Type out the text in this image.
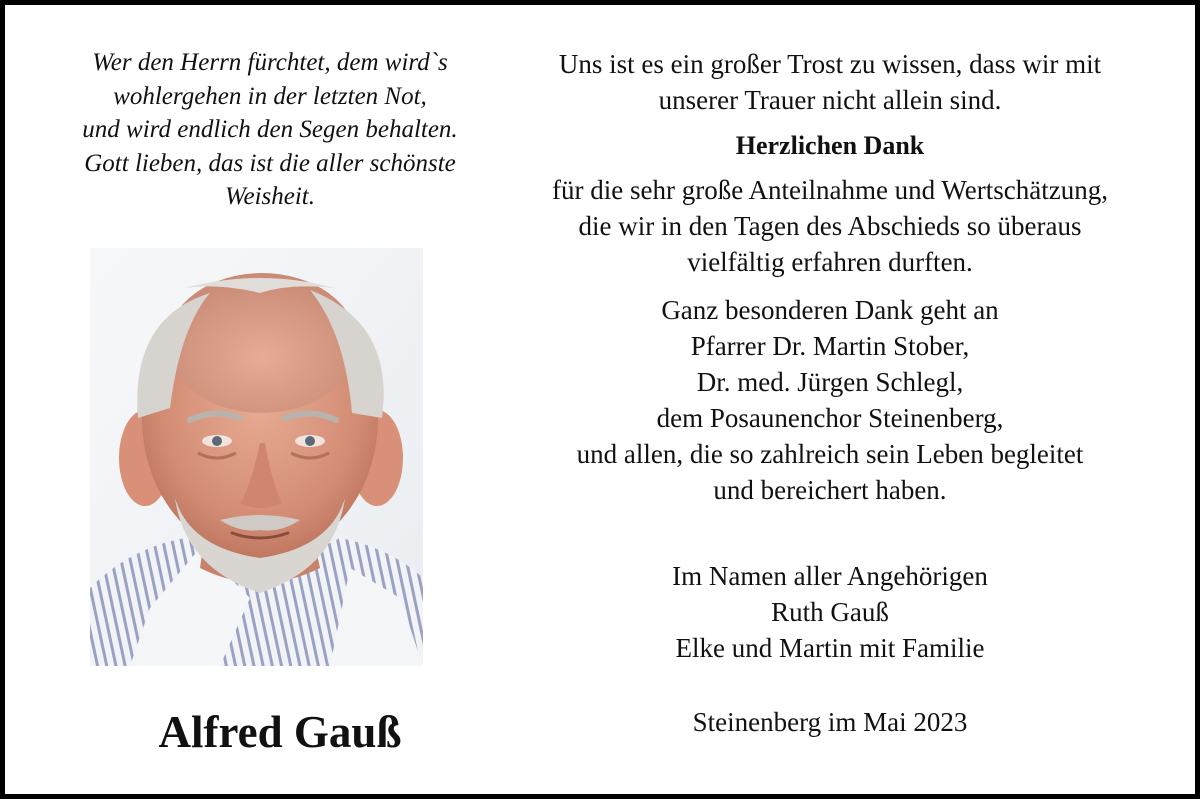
Wer den Herrn fürchtet, dem wird`s
wohlergehen in der letzten Not,
und wird endlich den Segen behalten.
Gott lieben, das ist die aller schönste
Weisheit.
Alfred Gauß

Uns ist es ein großer Trost zu wissen, dass wir mit
unserer Trauer nicht allein sind.

Herzlichen Dank

für die sehr große Anteilnahme und Wertschätzung,
die wir in den Tagen des Abschieds so überaus
vielfältig erfahren durften.

Ganz besonderen Dank geht an
Pfarrer Dr. Martin Stober,
Dr. med. Jürgen Schlegl,
dem Posaunenchor Steinenberg,
und allen, die so zahlreich sein Leben begleitet
und bereichert haben.

Im Namen aller Angehörigen
Ruth Gauß
Elke und Martin mit Familie

Steinenberg im Mai 2023
